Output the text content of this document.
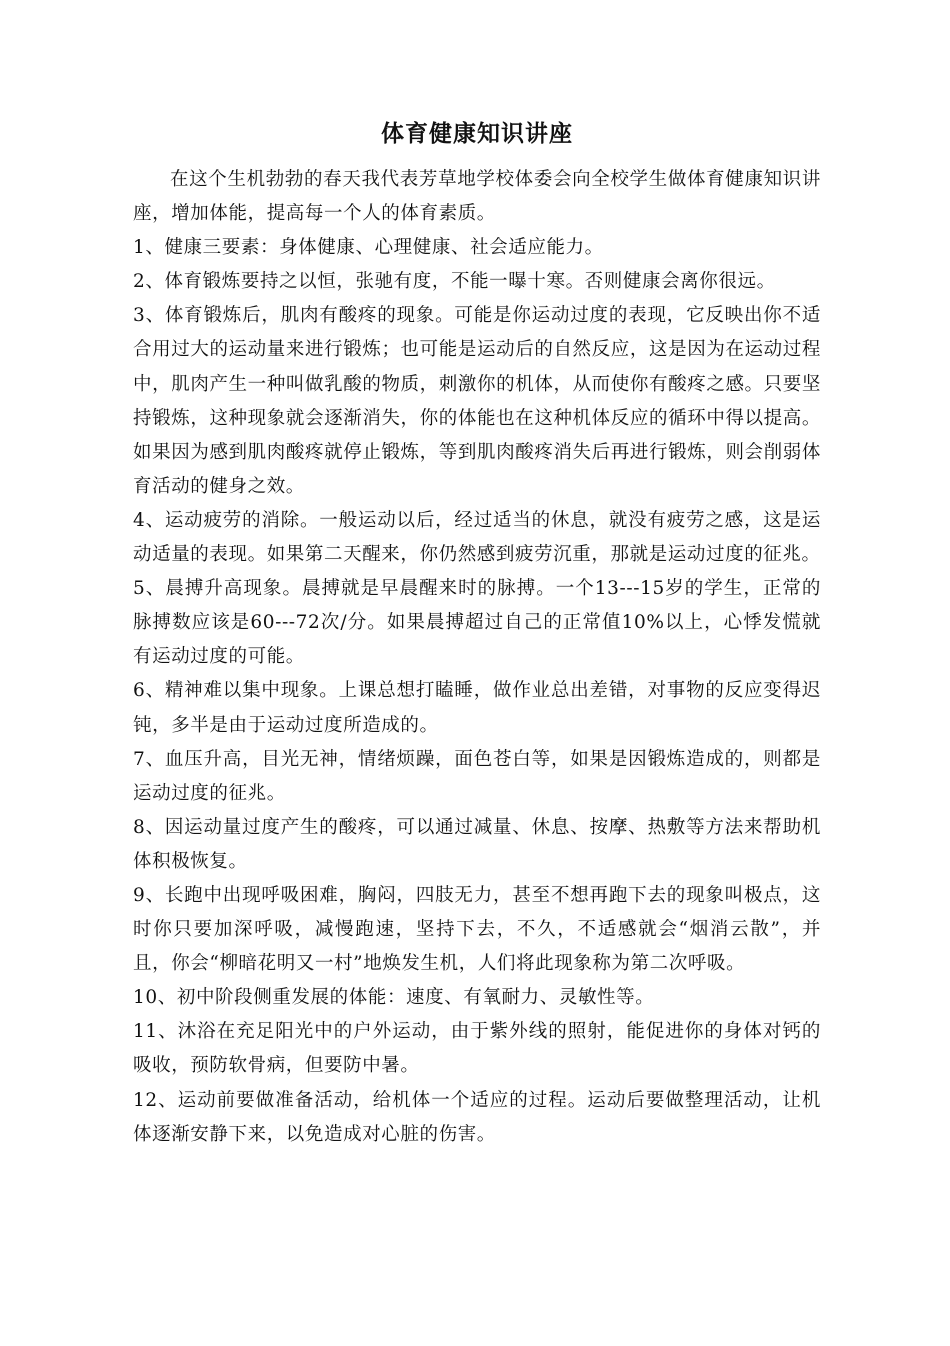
体育健康知识讲座

在这个生机勃勃的春天我代表芳草地学校体委会向全校学生做体育健康知识讲座，增加体能，提高每一个人的体育素质。

1、健康三要素：身体健康、心理健康、社会适应能力。

2、体育锻炼要持之以恒，张驰有度，不能一曝十寒。否则健康会离你很远。

3、体育锻炼后，肌肉有酸疼的现象。可能是你运动过度的表现，它反映出你不适合用过大的运动量来进行锻炼；也可能是运动后的自然反应，这是因为在运动过程中，肌肉产生一种叫做乳酸的物质，刺激你的机体，从而使你有酸疼之感。只要坚持锻炼，这种现象就会逐渐消失，你的体能也在这种机体反应的循环中得以提高。如果因为感到肌肉酸疼就停止锻炼，等到肌肉酸疼消失后再进行锻炼，则会削弱体育活动的健身之效。

4、运动疲劳的消除。一般运动以后，经过适当的休息，就没有疲劳之感，这是运动适量的表现。如果第二天醒来，你仍然感到疲劳沉重，那就是运动过度的征兆。

5、晨搏升高现象。晨搏就是早晨醒来时的脉搏。一个13---15岁的学生，正常的脉搏数应该是60---72次/分。如果晨搏超过自己的正常值10%以上，心悸发慌就有运动过度的可能。

6、精神难以集中现象。上课总想打瞌睡，做作业总出差错，对事物的反应变得迟钝，多半是由于运动过度所造成的。

7、血压升高，目光无神，情绪烦躁，面色苍白等，如果是因锻炼造成的，则都是运动过度的征兆。

8、因运动量过度产生的酸疼，可以通过减量、休息、按摩、热敷等方法来帮助机体积极恢复。

9、长跑中出现呼吸困难，胸闷，四肢无力，甚至不想再跑下去的现象叫极点，这时你只要加深呼吸，减慢跑速，坚持下去，不久，不适感就会“烟消云散”，并且，你会“柳暗花明又一村”地焕发生机，人们将此现象称为第二次呼吸。

10、初中阶段侧重发展的体能：速度、有氧耐力、灵敏性等。

11、沐浴在充足阳光中的户外运动，由于紫外线的照射，能促进你的身体对钙的吸收，预防软骨病，但要防中暑。

12、运动前要做准备活动，给机体一个适应的过程。运动后要做整理活动，让机体逐渐安静下来，以免造成对心脏的伤害。
